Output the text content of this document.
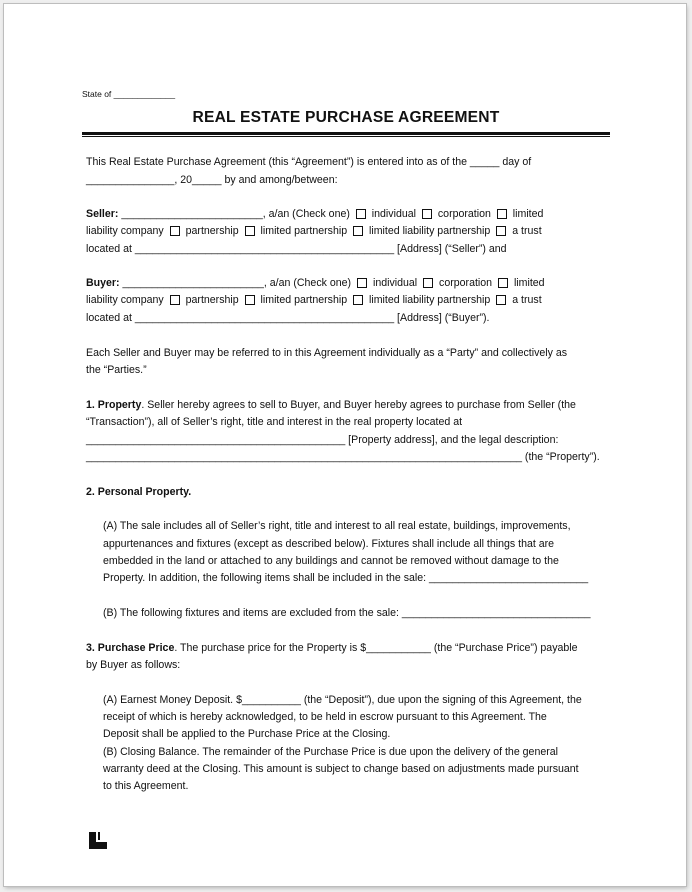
State of _____________
REAL ESTATE PURCHASE AGREEMENT
This Real Estate Purchase Agreement (this “Agreement”) is entered into as of the _____ day of
_______________, 20_____ by and among/between:
Seller: ________________________, a/an (Check one) individual corporation limited
liability company partnership limited partnership limited liability partnership a trust
located at ____________________________________________ [Address] (“Seller”) and
Buyer: ________________________, a/an (Check one) individual corporation limited
liability company partnership limited partnership limited liability partnership a trust
located at ____________________________________________ [Address] (“Buyer”).
Each Seller and Buyer may be referred to in this Agreement individually as a “Party” and collectively as
the “Parties.”
1. Property. Seller hereby agrees to sell to Buyer, and Buyer hereby agrees to purchase from Seller (the
“Transaction”), all of Seller’s right, title and interest in the real property located at
____________________________________________ [Property address], and the legal description:
__________________________________________________________________________ (the “Property”).
2. Personal Property.
(A) The sale includes all of Seller’s right, title and interest to all real estate, buildings, improvements,
appurtenances and fixtures (except as described below). Fixtures shall include all things that are
embedded in the land or attached to any buildings and cannot be removed without damage to the
Property. In addition, the following items shall be included in the sale: ___________________________
(B) The following fixtures and items are excluded from the sale: ________________________________
3. Purchase Price. The purchase price for the Property is $___________ (the “Purchase Price”) payable
by Buyer as follows:
(A) Earnest Money Deposit. $__________ (the “Deposit”), due upon the signing of this Agreement, the
receipt of which is hereby acknowledged, to be held in escrow pursuant to this Agreement. The
Deposit shall be applied to the Purchase Price at the Closing.
(B) Closing Balance. The remainder of the Purchase Price is due upon the delivery of the general
warranty deed at the Closing. This amount is subject to change based on adjustments made pursuant
to this Agreement.
